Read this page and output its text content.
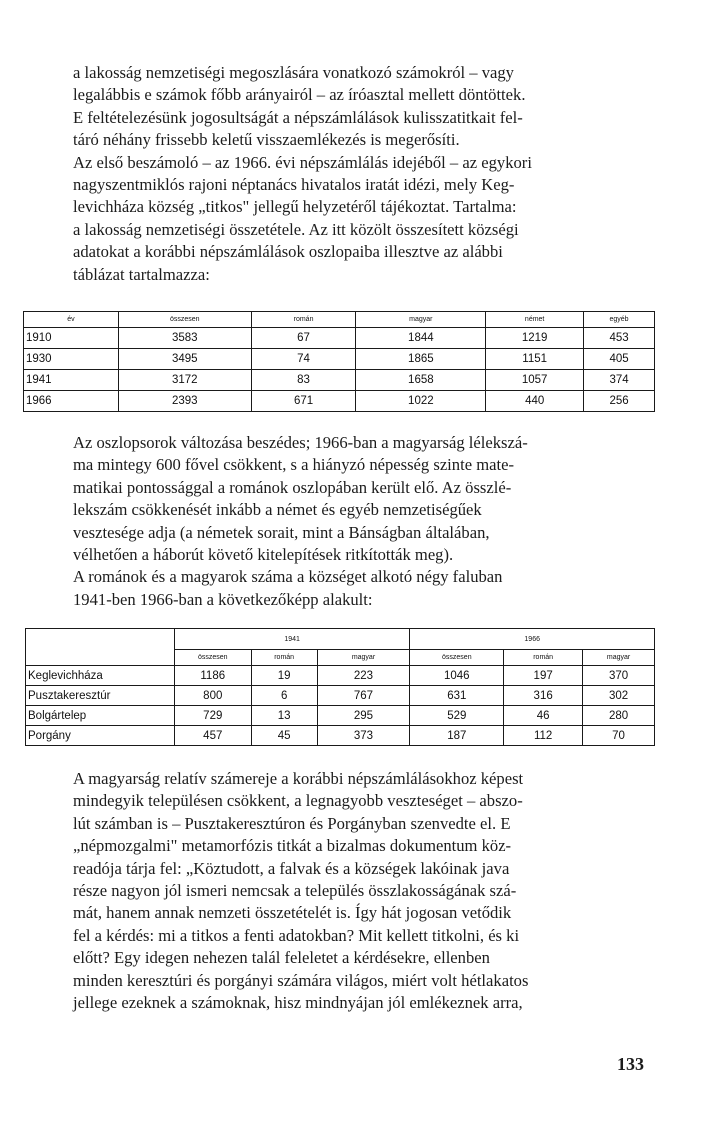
a lakosság nemzetiségi megoszlására vonatkozó számokról – vagy
legalábbis e számok főbb arányairól – az íróasztal mellett döntöttek.
E feltételezésünk jogosultságát a népszámlálások kulisszatitkait fel-
táró néhány frissebb keletű visszaemlékezés is megerősíti.
Az első beszámoló – az 1966. évi népszámlálás idejéből – az egykori
nagyszentmiklós rajoni néptanács hivatalos iratát idézi, mely Keg-
levichháza község „titkos" jellegű helyzetéről tájékoztat. Tartalma:
a lakosság nemzetiségi összetétele. Az itt közölt összesített községi
adatokat a korábbi népszámlálások oszlopaiba illesztve az alábbi
táblázat tartalmazza:
év	összesen	román	magyar	német	egyéb
1910	3583	67	1844	1219	453
1930	3495	74	1865	1151	405
1941	3172	83	1658	1057	374
1966	2393	671	1022	440	256
Az oszlopsorok változása beszédes; 1966-ban a magyarság lélekszá-
ma mintegy 600 fővel csökkent, s a hiányzó népesség szinte mate-
matikai pontossággal a románok oszlopában került elő. Az összlé-
lekszám csökkenését inkább a német és egyéb nemzetiségűek
vesztesége adja (a németek sorait, mint a Bánságban általában,
vélhetően a háborút követő kitelepítések ritkították meg).
A románok és a magyarok száma a községet alkotó négy faluban
1941-ben 1966-ban a következőképp alakult:
	1941			1966		
	összesen	román	magyar	összesen	román	magyar
Keglevichháza	1186	19	223	1046	197	370
Pusztakeresztúr	800	6	767	631	316	302
Bolgártelep	729	13	295	529	46	280
Porgány	457	45	373	187	112	70
A magyarság relatív számereje a korábbi népszámlálásokhoz képest
mindegyik településen csökkent, a legnagyobb veszteséget – abszo-
lút számban is – Pusztakeresztúron és Porgányban szenvedte el. E
„népmozgalmi" metamorfózis titkát a bizalmas dokumentum köz-
readója tárja fel: „Köztudott, a falvak és a községek lakóinak java
része nagyon jól ismeri nemcsak a település összlakosságának szá-
mát, hanem annak nemzeti összetételét is. Így hát jogosan vetődik
fel a kérdés: mi a titkos a fenti adatokban? Mit kellett titkolni, és ki
előtt? Egy idegen nehezen talál feleletet a kérdésekre, ellenben
minden keresztúri és porgányi számára világos, miért volt hétlakatos
jellege ezeknek a számoknak, hisz mindnyájan jól emlékeznek arra,
133
